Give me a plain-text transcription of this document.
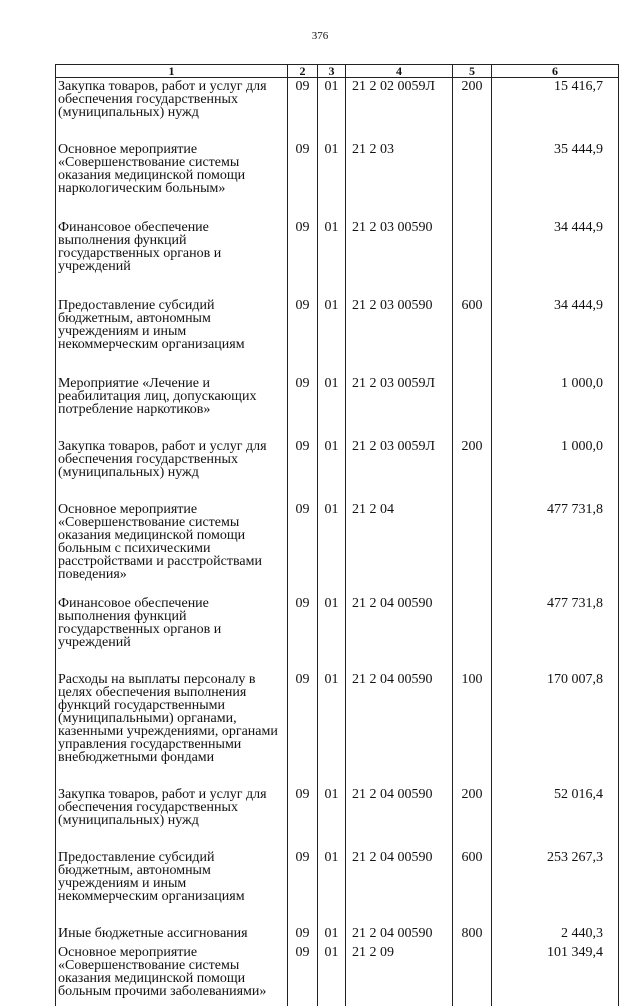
376
1	2	3	4	5	6
Закупка товаров, работ и услуг для обеспечения государственных (муниципальных) нужд	09	01	21 2 02 0059Л	200	15 416,7
Основное мероприятие «Совершенствование системы оказания медицинской помощи наркологическим больным»	09	01	21 2 03		35 444,9
Финансовое обеспечение выполнения функций государственных органов и учреждений	09	01	21 2 03 00590		34 444,9
Предоставление субсидий бюджетным, автономным учреждениям и иным некоммерческим организациям	09	01	21 2 03 00590	600	34 444,9
Мероприятие «Лечение и реабилитация лиц, допускающих потребление наркотиков»	09	01	21 2 03 0059Л		1 000,0
Закупка товаров, работ и услуг для обеспечения государственных (муниципальных) нужд	09	01	21 2 03 0059Л	200	1 000,0
Основное мероприятие «Совершенствование системы оказания медицинской помощи больным с психическими расстройствами и расстройствами поведения»	09	01	21 2 04		477 731,8
Финансовое обеспечение выполнения функций государственных органов и учреждений	09	01	21 2 04 00590		477 731,8
Расходы на выплаты персоналу в целях обеспечения выполнения функций государственными (муниципальными) органами, казенными учреждениями, органами управления государственными внебюджетными фондами	09	01	21 2 04 00590	100	170 007,8
Закупка товаров, работ и услуг для обеспечения государственных (муниципальных) нужд	09	01	21 2 04 00590	200	52 016,4
Предоставление субсидий бюджетным, автономным учреждениям и иным некоммерческим организациям	09	01	21 2 04 00590	600	253 267,3
Иные бюджетные ассигнования	09	01	21 2 04 00590	800	2 440,3
Основное мероприятие «Совершенствование системы оказания медицинской помощи больным прочими заболеваниями»	09	01	21 2 09		101 349,4
